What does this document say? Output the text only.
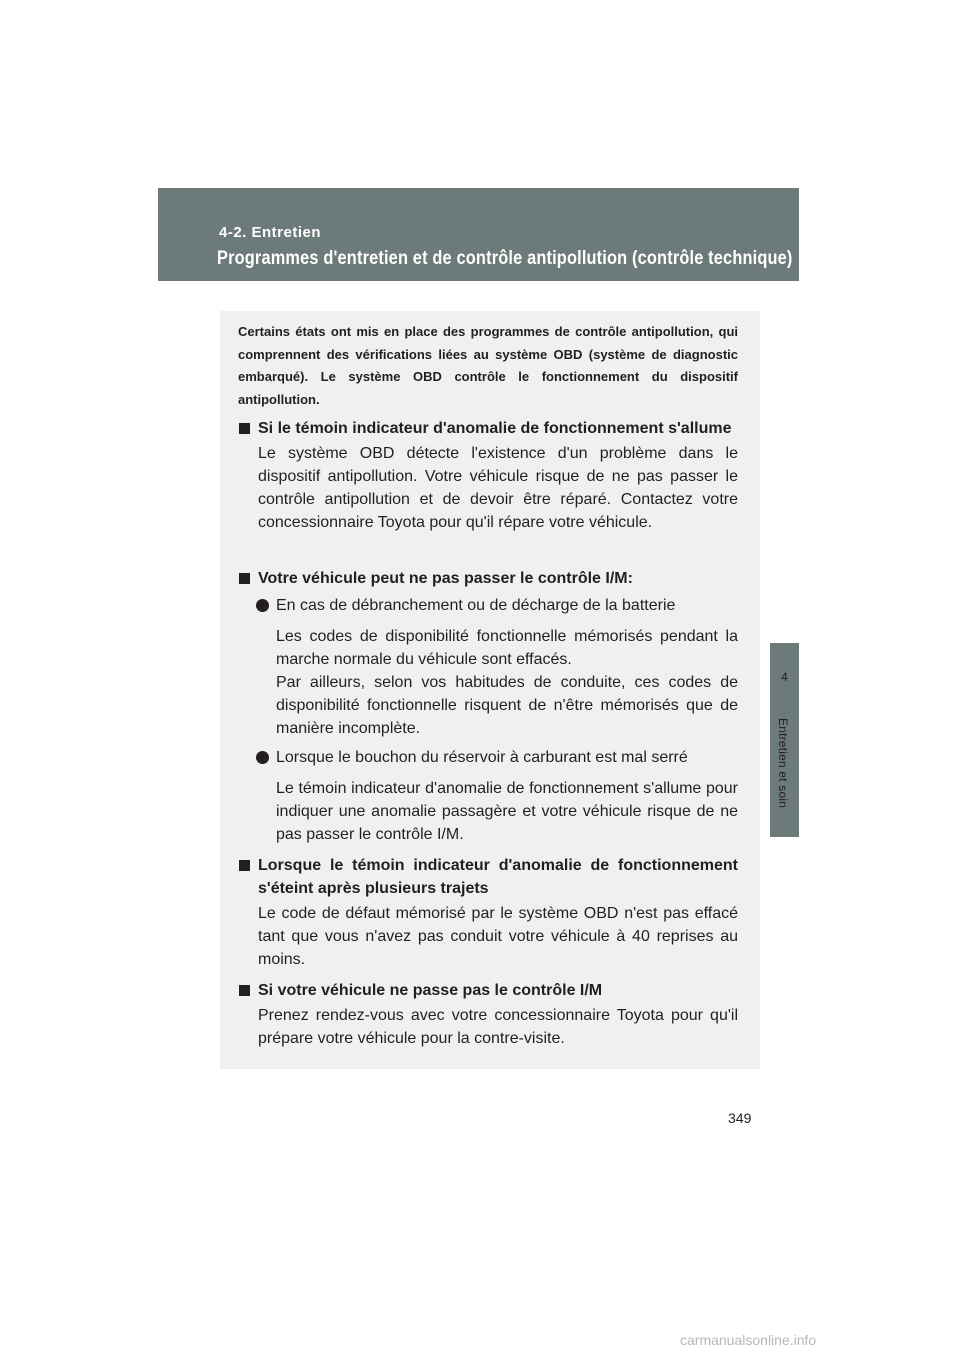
4-2. Entretien
Programmes d'entretien et de contrôle antipollution (contrôle technique)
4
Entretien et soin
Certains états ont mis en place des programmes de contrôle antipollution, qui comprennent des vérifications liées au système OBD (système de diagnostic embarqué). Le système OBD contrôle le fonctionnement du dispositif antipollution.
Si le témoin indicateur d'anomalie de fonctionnement s'allume
Le système OBD détecte l'existence d'un problème dans le dispositif antipollution. Votre véhicule risque de ne pas passer le contrôle antipollution et de devoir être réparé. Contactez votre concessionnaire Toyota pour qu'il répare votre véhicule.
Votre véhicule peut ne pas passer le contrôle I/M:
En cas de débranchement ou de décharge de la batterie
Les codes de disponibilité fonctionnelle mémorisés pendant la marche normale du véhicule sont effacés.
Par ailleurs, selon vos habitudes de conduite, ces codes de disponibilité fonctionnelle risquent de n'être mémorisés que de manière incomplète.
Lorsque le bouchon du réservoir à carburant est mal serré
Le témoin indicateur d'anomalie de fonctionnement s'allume pour indiquer une anomalie passagère et votre véhicule risque de ne pas passer le contrôle I/M.
Lorsque le témoin indicateur d'anomalie de fonctionnement s'éteint après plusieurs trajets
Le code de défaut mémorisé par le système OBD n'est pas effacé tant que vous n'avez pas conduit votre véhicule à 40 reprises au moins.
Si votre véhicule ne passe pas le contrôle I/M
Prenez rendez-vous avec votre concessionnaire Toyota pour qu'il prépare votre véhicule pour la contre-visite.
349
carmanualsonline.info
